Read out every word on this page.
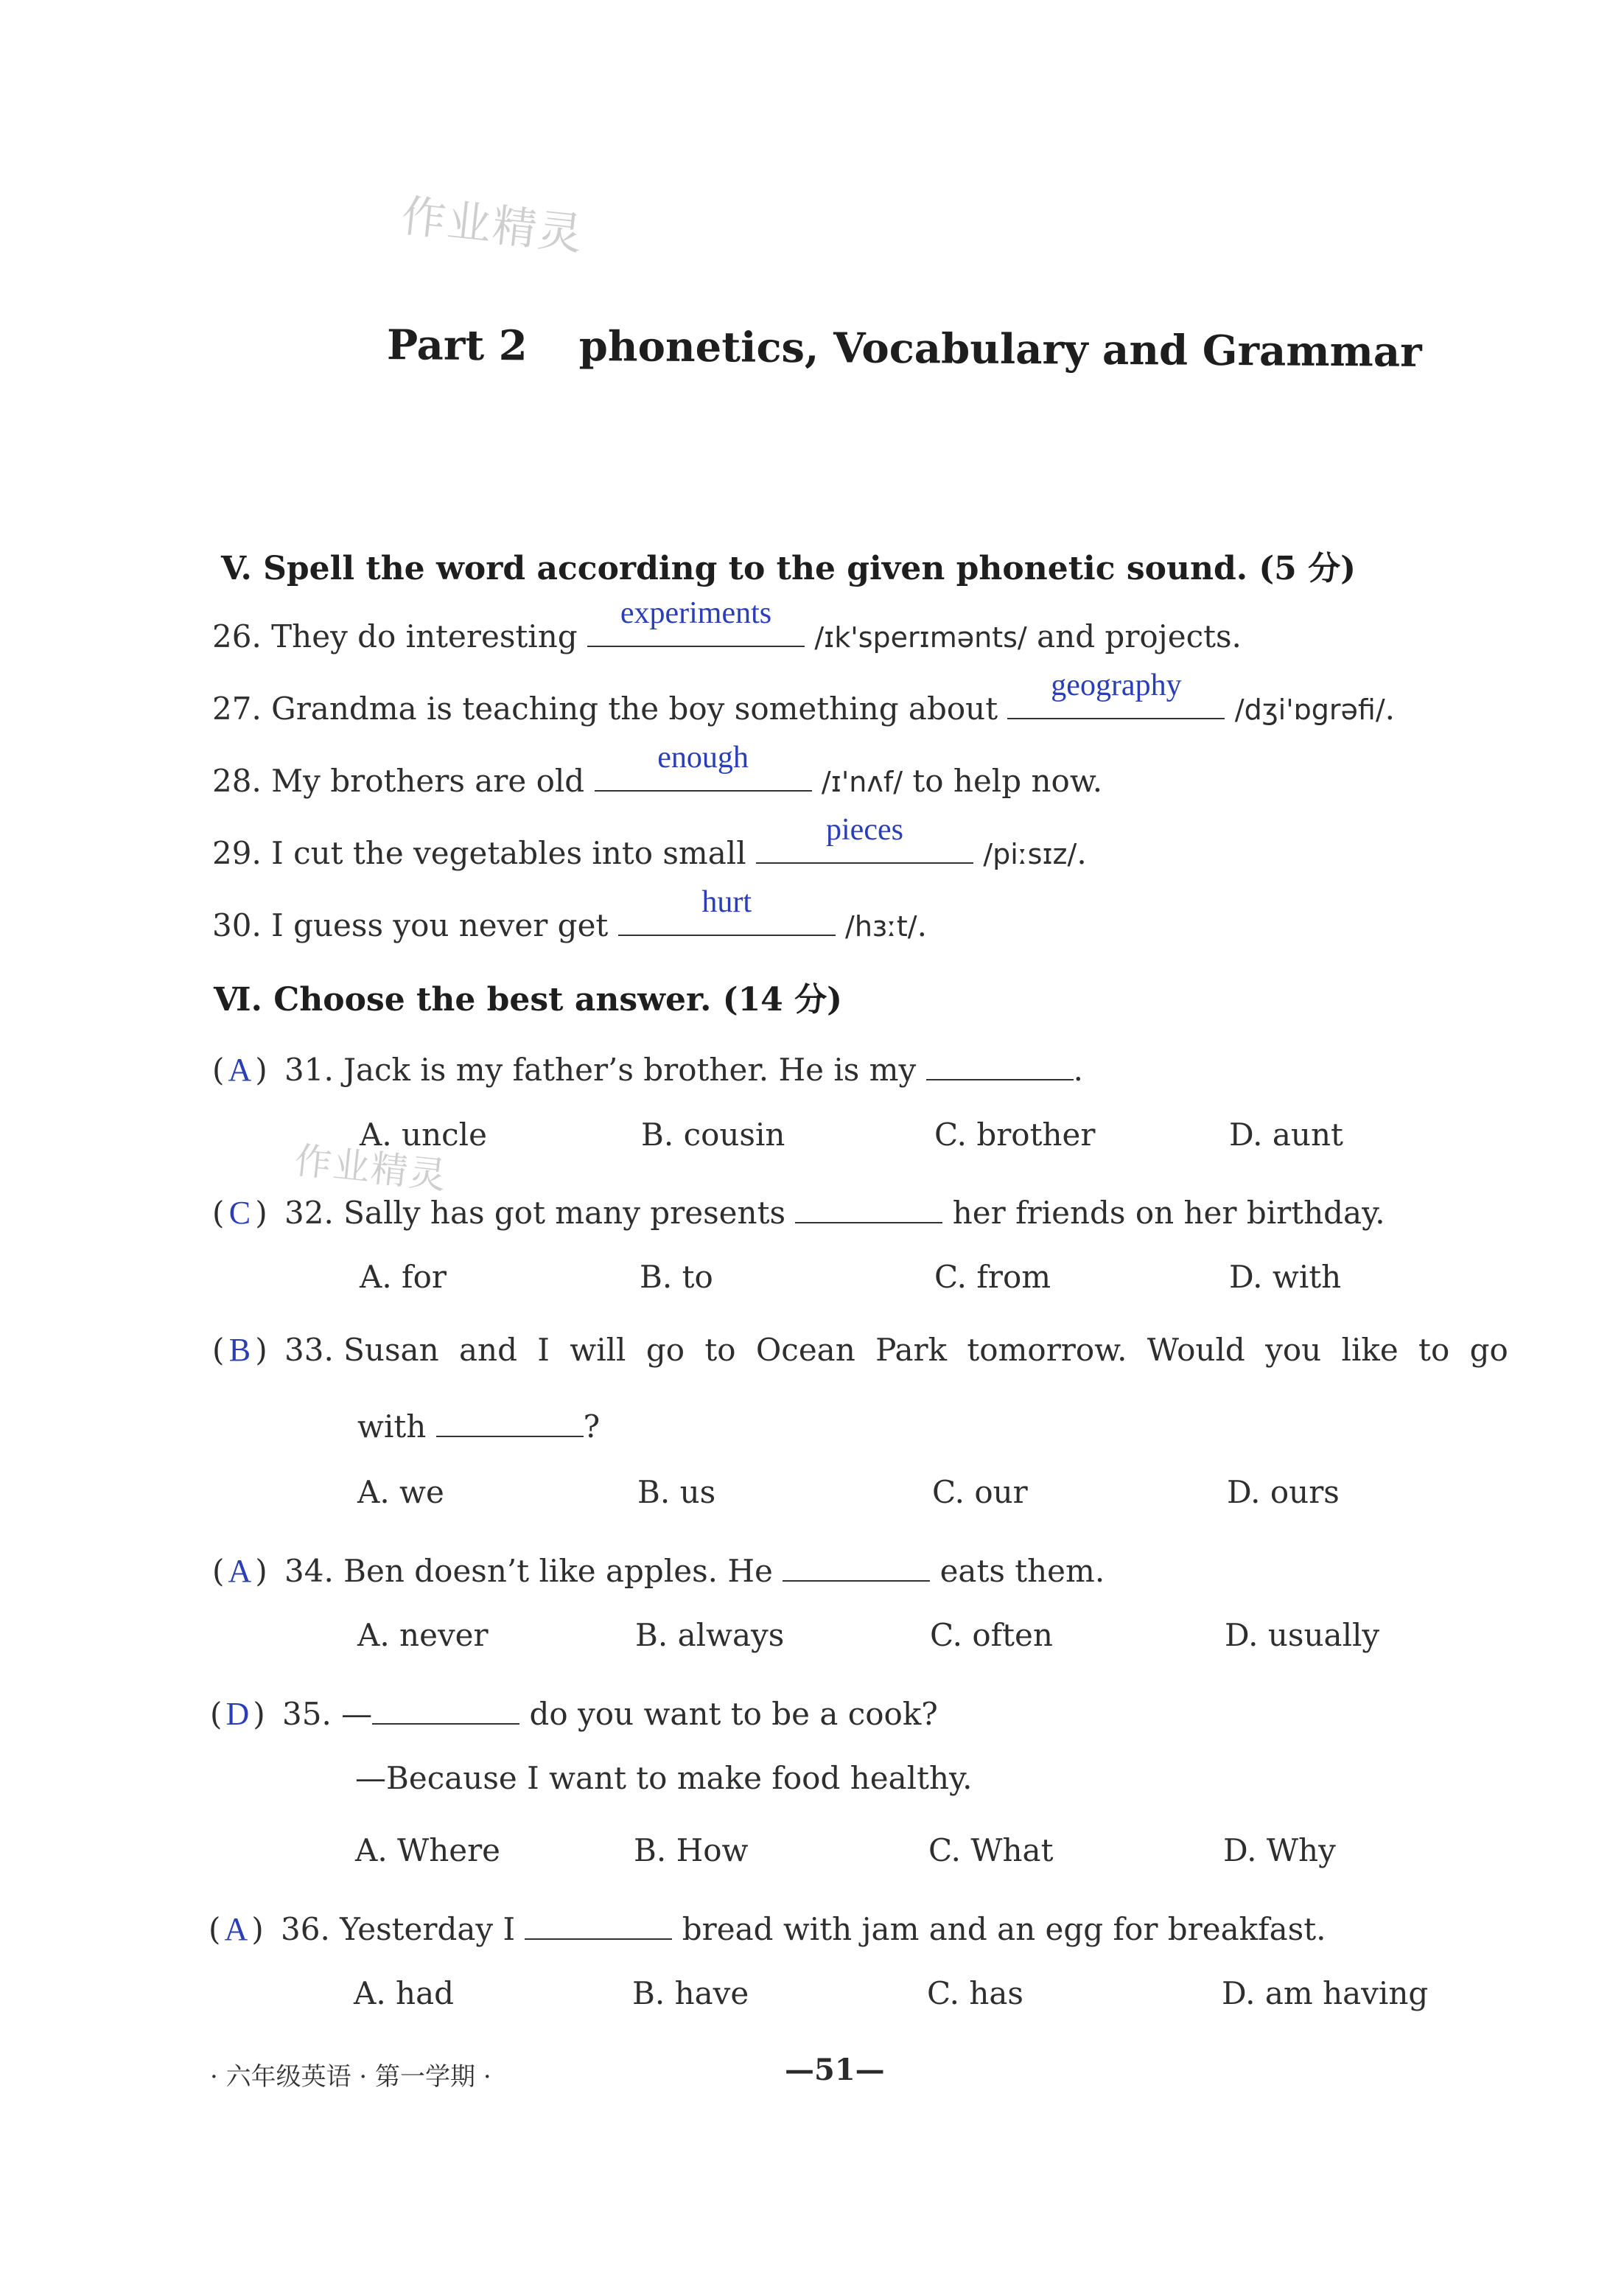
作业精灵
作业精灵
Part 2 phonetics, Vocabulary and Grammar
V. Spell the word according to the given phonetic sound. (5 分)
26. They do interesting
experiments
/ɪk'sperɪmənts/ and projects.
27. Grandma is teaching the boy something about
geography
/dʒi'ɒgrəfi/.
28. My brothers are old
enough
/ɪ'nʌf/ to help now.
29. I cut the vegetables into small
pieces
/piːsɪz/.
30. I guess you never get
hurt
/hɜːt/.
Ⅵ. Choose the best answer. (14 分)
( A ) 31. Jack is my father’s brother. He is my	.
A. uncle	B. cousin	C. brother	D. aunt
( C ) 32. Sally has got many presents	her friends on her birthday.
A. for	B. to	C. from	D. with
( B ) 33. Susan and I will go to Ocean Park tomorrow. Would you like to go
with	?
A. we	B. us	C. our	D. ours
( A ) 34. Ben doesn’t like apples. He	eats them.
A. never	B. always	C. often	D. usually
( D ) 35. —	do you want to be a cook?
—Because I want to make food healthy.
A. Where	B. How	C. What	D. Why
( A ) 36. Yesterday I	bread with jam and an egg for breakfast.
A. had	B. have	C. has	D. am having
· 六年级英语 · 第一学期 ·	—51—
